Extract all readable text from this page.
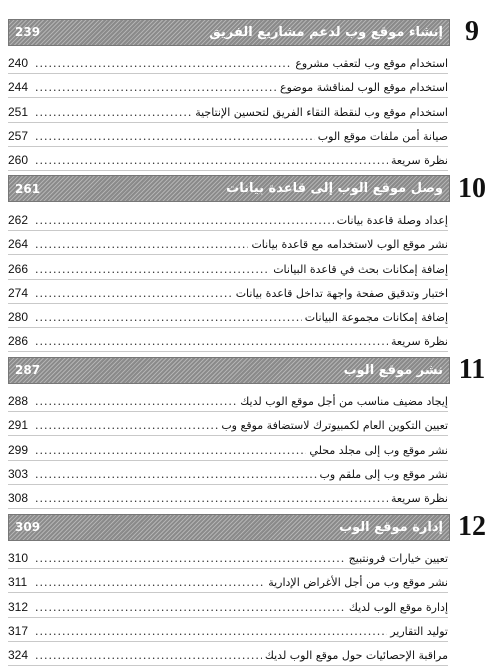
239	إنشاء موقع وب لدعم مشاريع الفريق 9
240 .....	استخدام موقع وب لتعقب مشروع
244 .....	استخدام موقع الوب لمناقشة موضوع
251 .....	استخدام موقع وب لنقطة التقاء الفريق لتحسين الإنتاجية
257 .....	صيانة أمن ملفات موقع الوب
260 .....	نظرة سريعة
261	وصل موقع الوب إلى قاعدة بيانات 10
262 .....	إعداد وصلة قاعدة بيانات
264 .....	نشر موقع الوب لاستخدامه مع قاعدة بيانات
266 .....	إضافة إمكانات بحث في قاعدة البيانات
274 .....	اختبار وتدقيق صفحة واجهة تداخل قاعدة بيانات
280 .....	إضافة إمكانات مجموعة البيانات
286 .....	نظرة سريعة
287	نشر موقع الوب 11
288 .....	إيجاد مضيف مناسب من أجل موقع الوب لديك
291 .....	تعيين التكوين العام لكمبيوترك لاستضافة موقع وب
299 .....	نشر موقع وب إلى مجلد محلي
303 .....	نشر موقع وب إلى ملقم وب
308 .....	نظرة سريعة
309	إدارة موقع الوب 12
310 .....	تعيين خيارات فرونتبيج
311 .....	نشر موقع وب من أجل الأغراض الإدارية
312 .....	إدارة موقع الوب لديك
317 .....	توليد التقارير
324 .....	مراقبة الإحصائيات حول موقع الوب لديك
